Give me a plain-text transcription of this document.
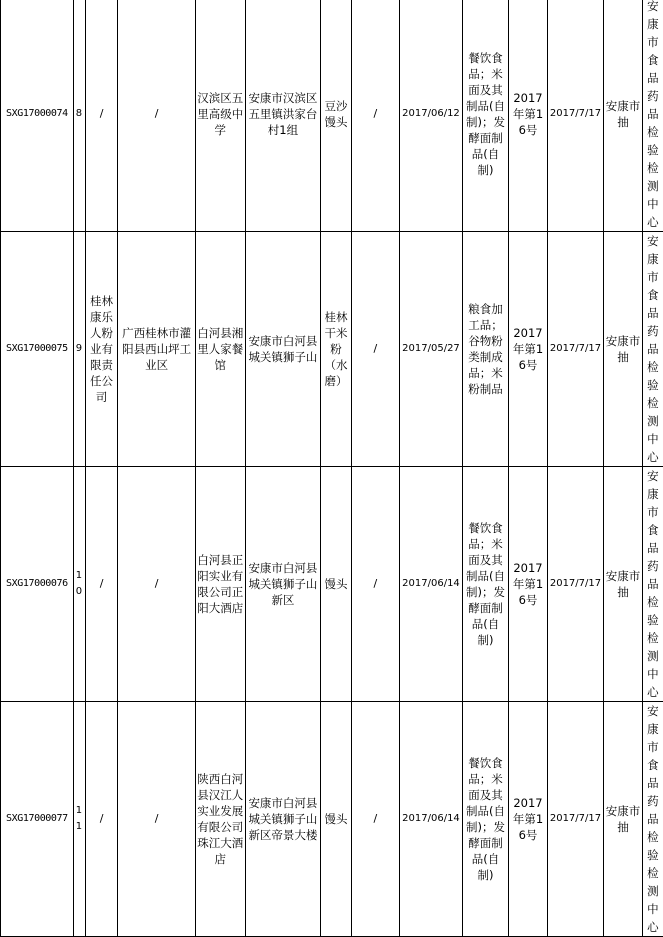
SXG17000074	8	/	/	汉滨区五里高级中学	安康市汉滨区五里镇洪家台村1组	豆沙馒头	/	2017/06/12	餐饮食品；米面及其制品(自制)；发酵面制品(自制)	2017年第16号	2017/7/17	安康市抽	安康市食品药品检验检测中心
SXG17000075	9	桂林康乐人粉业有限责任公司	广西桂林市灌阳县西山坪工业区	白河县湘里人家餐馆	安康市白河县城关镇狮子山	桂林干米粉（水磨）	/	2017/05/27	粮食加工品；谷物粉类制成品；米粉制品	2017年第16号	2017/7/17	安康市抽	安康市食品药品检验检测中心
SXG17000076	10	/	/	白河县正阳实业有限公司正阳大酒店	安康市白河县城关镇狮子山新区	馒头	/	2017/06/14	餐饮食品；米面及其制品(自制)；发酵面制品(自制)	2017年第16号	2017/7/17	安康市抽	安康市食品药品检验检测中心
SXG17000077	11	/	/	陕西白河县汉江人实业发展有限公司珠江大酒店	安康市白河县城关镇狮子山新区帝景大楼	馒头	/	2017/06/14	餐饮食品；米面及其制品(自制)；发酵面制品(自制)	2017年第16号	2017/7/17	安康市抽	安康市食品药品检验检测中心
